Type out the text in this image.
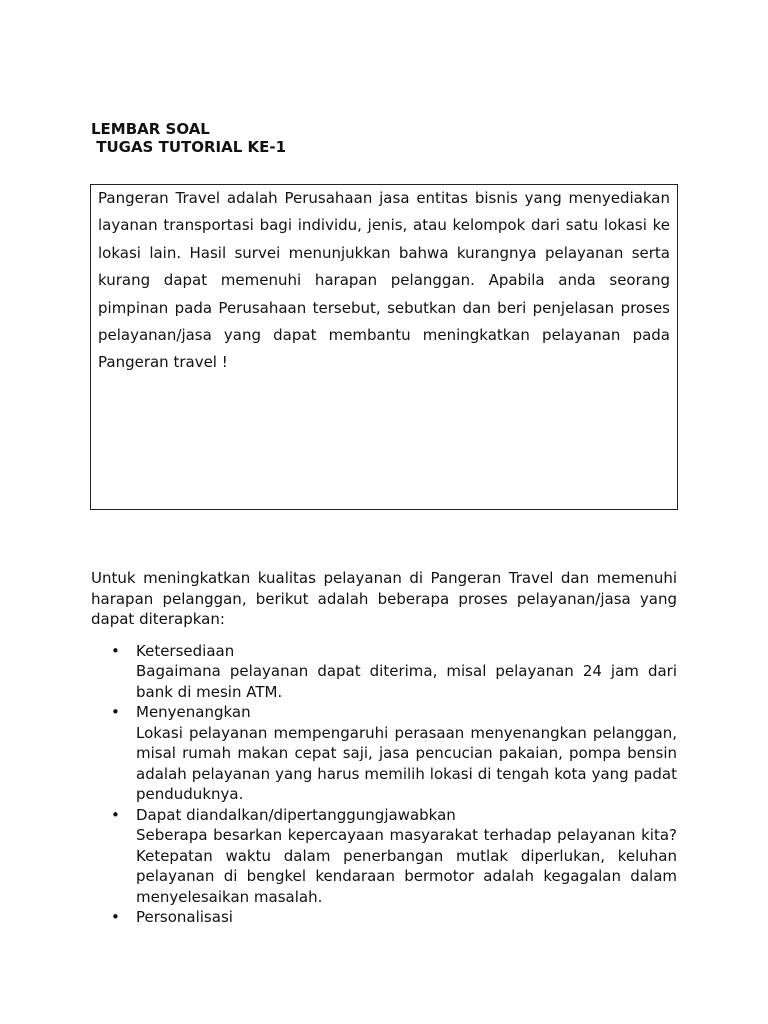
LEMBAR SOAL
TUGAS TUTORIAL KE-1

Pangeran Travel adalah Perusahaan jasa entitas bisnis yang menyediakan layanan transportasi bagi individu, jenis, atau kelompok dari satu lokasi ke lokasi lain. Hasil survei menunjukkan bahwa kurangnya pelayanan serta kurang dapat memenuhi harapan pelanggan. Apabila anda seorang pimpinan pada Perusahaan tersebut, sebutkan dan beri penjelasan proses pelayanan/jasa yang dapat membantu meningkatkan pelayanan pada Pangeran travel !

Untuk meningkatkan kualitas pelayanan di Pangeran Travel dan memenuhi harapan pelanggan, berikut adalah beberapa proses pelayanan/jasa yang dapat diterapkan:

• Ketersediaan
Bagaimana pelayanan dapat diterima, misal pelayanan 24 jam dari bank di mesin ATM.
• Menyenangkan
Lokasi pelayanan mempengaruhi perasaan menyenangkan pelanggan, misal rumah makan cepat saji, jasa pencucian pakaian, pompa bensin adalah pelayanan yang harus memilih lokasi di tengah kota yang padat penduduknya.
• Dapat diandalkan/dipertanggungjawabkan
Seberapa besarkan kepercayaan masyarakat terhadap pelayanan kita? Ketepatan waktu dalam penerbangan mutlak diperlukan, keluhan pelayanan di bengkel kendaraan bermotor adalah kegagalan dalam menyelesaikan masalah.
• Personalisasi
